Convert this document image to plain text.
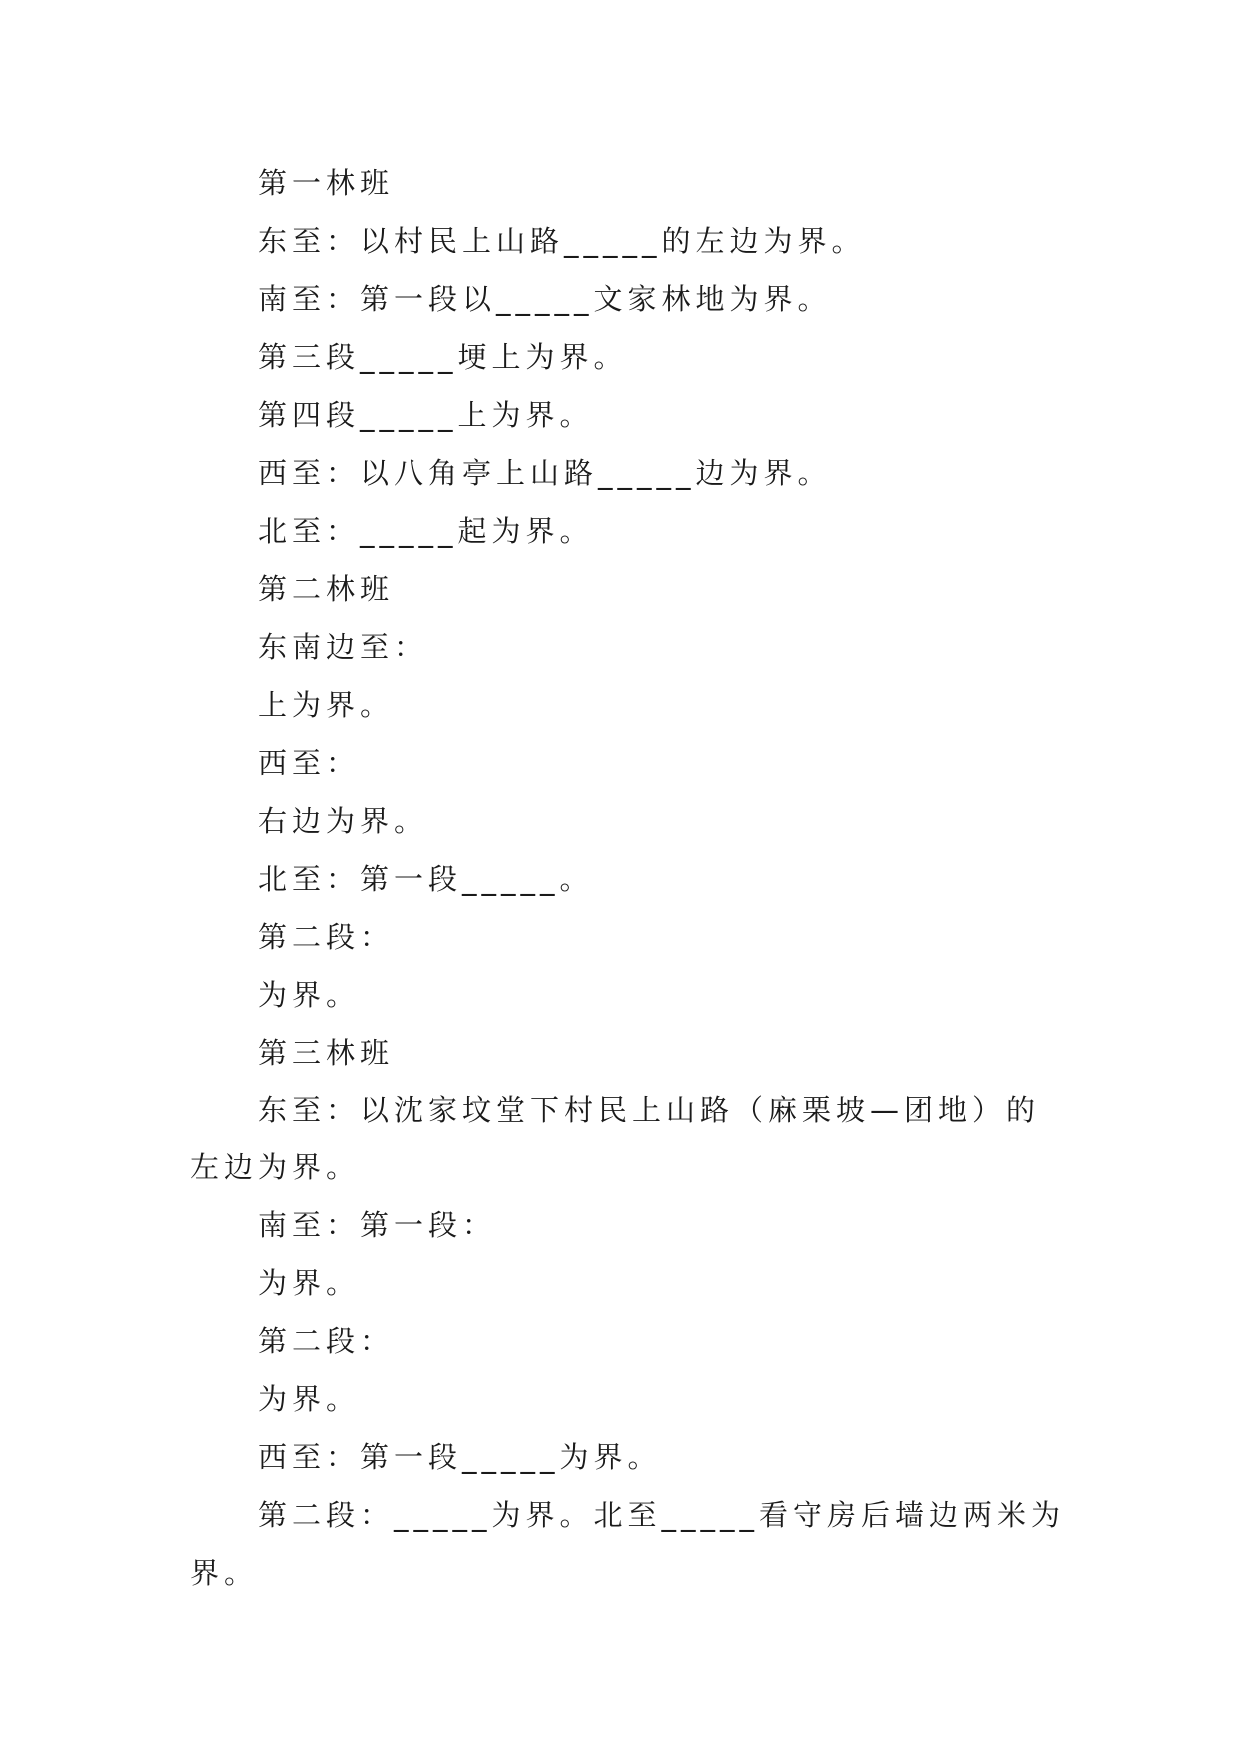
第一林班

东至：以村民上山路_____的左边为界。

南至：第一段以_____文家林地为界。

第三段_____埂上为界。

第四段_____上为界。

西至：以八角亭上山路_____边为界。

北至：_____起为界。

第二林班

东南边至：

上为界。

西至：

右边为界。

北至：第一段_____。

第二段：

为界。

第三林班

东至：以沈家坟堂下村民上山路（麻栗坡—团地）的左边为界。

南至：第一段：

为界。

第二段：

为界。

西至：第一段_____为界。

第二段：_____为界。北至_____看守房后墙边两米为界。
